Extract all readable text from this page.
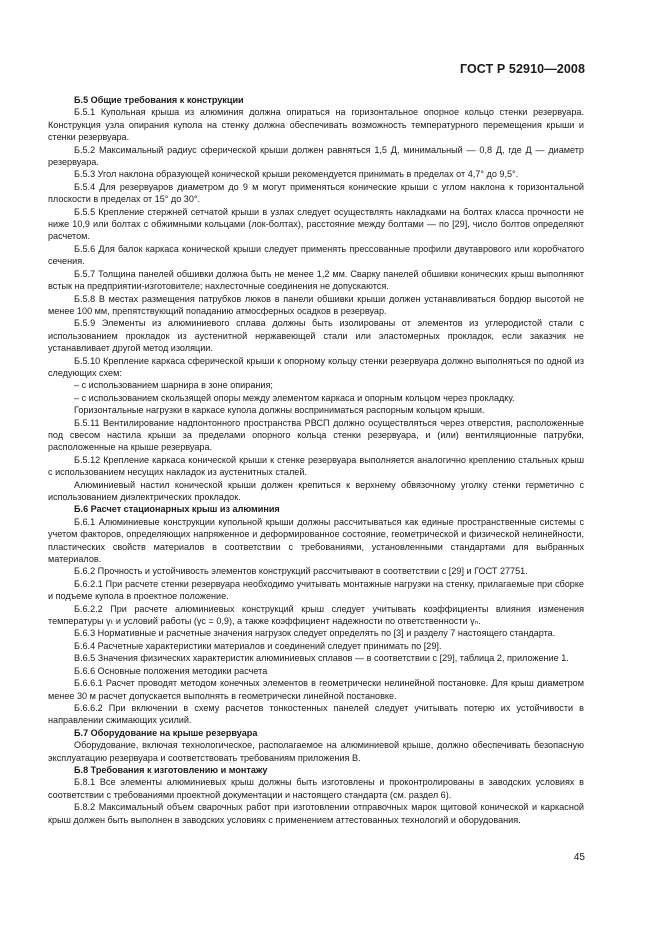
ГОСТ Р 52910—2008

Б.5 Общие требования к конструкции

Б.5.1 Купольная крыша из алюминия должна опираться на горизонтальное опорное кольцо стенки резервуара. Конструкция узла опирания купола на стенку должна обеспечивать возможность температурного перемещения крыши и стенки резервуара.

Б.5.2 Максимальный радиус сферической крыши должен равняться 1,5 Д, минимальный — 0,8 Д, где Д — диаметр резервуара.

Б.5.3 Угол наклона образующей конической крыши рекомендуется принимать в пределах от 4,7° до 9,5°.

Б.5.4 Для резервуаров диаметром до 9 м могут применяться конические крыши с углом наклона к горизонтальной плоскости в пределах от 15° до 30°.

Б.5.5 Крепление стержней сетчатой крыши в узлах следует осуществлять накладками на болтах класса прочности не ниже 10,9 или болтах с обжимными кольцами (лок-болтах), расстояние между болтами — по [29], число болтов определяют расчетом.

Б.5.6 Для балок каркаса конической крыши следует применять прессованные профили двутаврового или коробчатого сечения.

Б.5.7 Толщина панелей обшивки должна быть не менее 1,2 мм. Сварку панелей обшивки конических крыш выполняют встык на предприятии-изготовителе; нахлесточные соединения не допускаются.

Б.5.8 В местах размещения патрубков люков в панели обшивки крыши должен устанавливаться бордюр высотой не менее 100 мм, препятствующий попаданию атмосферных осадков в резервуар.

Б.5.9 Элементы из алюминиевого сплава должны быть изолированы от элементов из углеродистой стали с использованием прокладок из аустенитной нержавеющей стали или эластомерных прокладок, если заказчик не устанавливает другой метод изоляции.

Б.5.10 Крепление каркаса сферической крыши к опорному кольцу стенки резервуара должно выполняться по одной из следующих схем:

– с использованием шарнира в зоне опирания;

– с использованием скользящей опоры между элементом каркаса и опорным кольцом через прокладку.

Горизонтальные нагрузки в каркасе купола должны восприниматься распорным кольцом крыши.

Б.5.11 Вентилирование надпонтонного пространства РВСП должно осуществляться через отверстия, расположенные под свесом настила крыши за пределами опорного кольца стенки резервуара, и (или) вентиляционные патрубки, расположенные на крыше резервуара.

Б.5.12 Крепление каркаса конической крыши к стенке резервуара выполняется аналогично креплению стальных крыш с использованием несущих накладок из аустенитных сталей.

Алюминиевый настил конической крыши должен крепиться к верхнему обвязочному уголку стенки герметично с использованием диэлектрических прокладок.

Б.6 Расчет стационарных крыш из алюминия

Б.6.1 Алюминиевые конструкции купольной крыши должны рассчитываться как единые пространственные системы с учетом факторов, определяющих напряженное и деформированное состояние, геометрической и физической нелинейности, пластических свойств материалов в соответствии с требованиями, установленными стандартами для выбранных материалов.

Б.6.2 Прочность и устойчивость элементов конструкций рассчитывают в соответствии с [29] и ГОСТ 27751.

Б.6.2.1 При расчете стенки резервуара необходимо учитывать монтажные нагрузки на стенку, прилагаемые при сборке и подъеме купола в проектное положение.

Б.6.2.2 При расчете алюминиевых конструкций крыш следует учитывать коэффициенты влияния изменения температуры γₜ и условий работы (γc = 0,9), а также коэффициент надежности по ответственности γₙ.

Б.6.3 Нормативные и расчетные значения нагрузок следует определять по [3] и разделу 7 настоящего стандарта.

Б.6.4 Расчетные характеристики материалов и соединений следует принимать по [29].

В.6.5 Значения физических характеристик алюминиевых сплавов — в соответствии с [29], таблица 2, приложение 1.

Б.6.6 Основные положения методики расчета

Б.6.6.1 Расчет проводят методом конечных элементов в геометрически нелинейной постановке. Для крыш диаметром менее 30 м расчет допускается выполнять в геометрически линейной постановке.

Б.6.6.2 При включении в схему расчетов тонкостенных панелей следует учитывать потерю их устойчивости в направлении сжимающих усилий.

Б.7 Оборудование на крыше резервуара

Оборудование, включая технологическое, располагаемое на алюминиевой крыше, должно обеспечивать безопасную эксплуатацию резервуара и соответствовать требованиям приложения В.

Б.8 Требования к изготовлению и монтажу

Б.8.1 Все элементы алюминиевых крыш должны быть изготовлены и проконтролированы в заводских условиях в соответствии с требованиями проектной документации и настоящего стандарта (см. раздел 6).

Б.8.2 Максимальный объем сварочных работ при изготовлении отправочных марок щитовой конической и каркасной крыш должен быть выполнен в заводских условиях с применением аттестованных технологий и оборудования.

45
